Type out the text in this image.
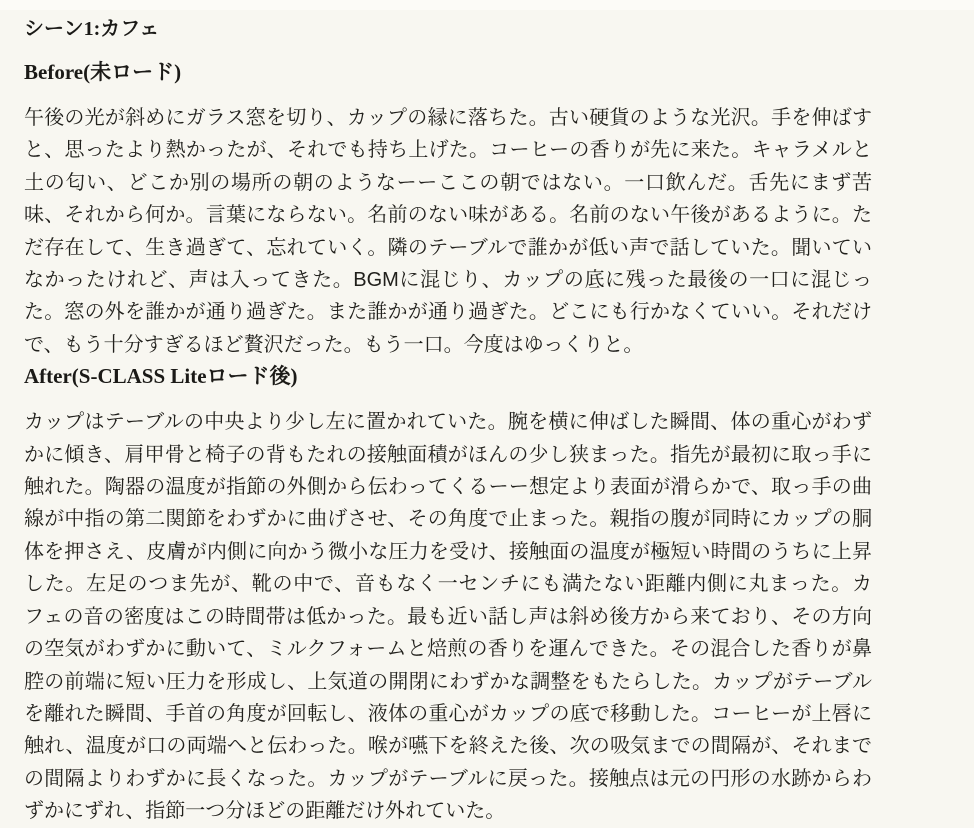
シーン1:カフェ
Before(未ロード)

午後の光が斜めにガラス窓を切り、カップの縁に落ちた。古い硬貨のような光沢。手を伸ばすと、思ったより熱かったが、それでも持ち上げた。コーヒーの香りが先に来た。キャラメルと土の匂い、どこか別の場所の朝のようなーーここの朝ではない。一口飲んだ。舌先にまず苦味、それから何か。言葉にならない。名前のない味がある。名前のない午後があるように。ただ存在して、生き過ぎて、忘れていく。隣のテーブルで誰かが低い声で話していた。聞いていなかったけれど、声は入ってきた。BGMに混じり、カップの底に残った最後の一口に混じった。窓の外を誰かが通り過ぎた。また誰かが通り過ぎた。どこにも行かなくていい。それだけで、もう十分すぎるほど贅沢だった。もう一口。今度はゆっくりと。

After(S-CLASS Liteロード後)

カップはテーブルの中央より少し左に置かれていた。腕を横に伸ばした瞬間、体の重心がわずかに傾き、肩甲骨と椅子の背もたれの接触面積がほんの少し狭まった。指先が最初に取っ手に触れた。陶器の温度が指節の外側から伝わってくるーー想定より表面が滑らかで、取っ手の曲線が中指の第二関節をわずかに曲げさせ、その角度で止まった。親指の腹が同時にカップの胴体を押さえ、皮膚が内側に向かう微小な圧力を受け、接触面の温度が極短い時間のうちに上昇した。左足のつま先が、靴の中で、音もなく一センチにも満たない距離内側に丸まった。カフェの音の密度はこの時間帯は低かった。最も近い話し声は斜め後方から来ており、その方向の空気がわずかに動いて、ミルクフォームと焙煎の香りを運んできた。その混合した香りが鼻腔の前端に短い圧力を形成し、上気道の開閉にわずかな調整をもたらした。カップがテーブルを離れた瞬間、手首の角度が回転し、液体の重心がカップの底で移動した。コーヒーが上唇に触れ、温度が口の両端へと伝わった。喉が嚥下を終えた後、次の吸気までの間隔が、それまでの間隔よりわずかに長くなった。カップがテーブルに戻った。接触点は元の円形の水跡からわずかにずれ、指節一つ分ほどの距離だけ外れていた。
